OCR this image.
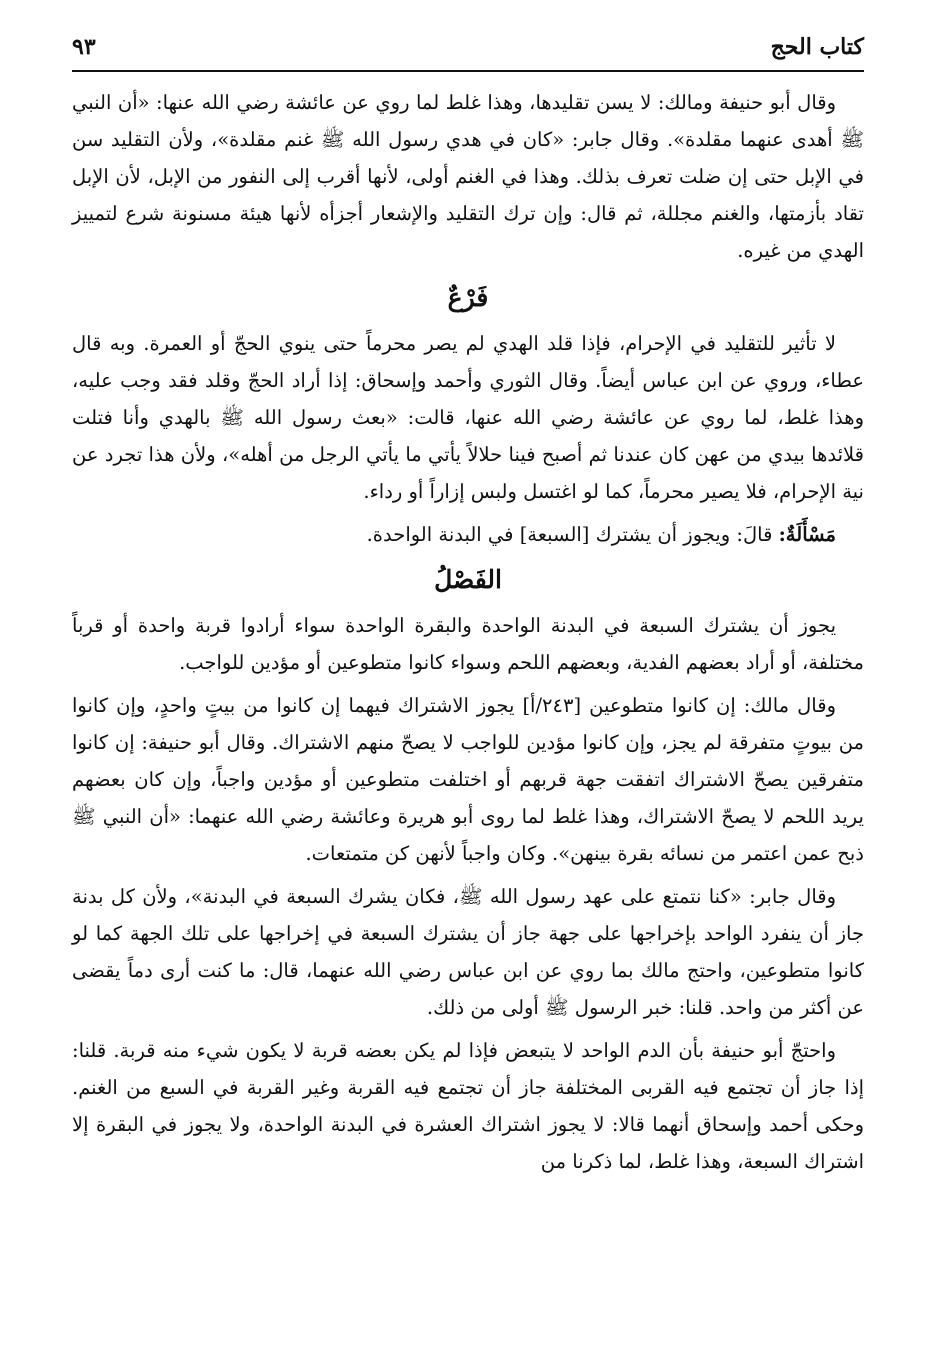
كتاب الحج
٩٣

وقال أبو حنيفة ومالك: لا يسن تقليدها، وهذا غلط لما روي عن عائشة رضي الله عنها: «أن النبي ﷺ أهدى عنهما مقلدة». وقال جابر: «كان في هدي رسول الله ﷺ غنم مقلدة»، ولأن التقليد سن في الإبل حتى إن ضلت تعرف بذلك. وهذا في الغنم أولى، لأنها أقرب إلى النفور من الإبل، لأن الإبل تقاد بأزمتها، والغنم مجللة، ثم قال: وإن ترك التقليد والإشعار أجزأه لأنها هيئة مسنونة شرع لتمييز الهدي من غيره.

فَرْعٌ

لا تأثير للتقليد في الإحرام، فإذا قلد الهدي لم يصر محرماً حتى ينوي الحجّ أو العمرة. وبه قال عطاء، وروي عن ابن عباس أيضاً. وقال الثوري وأحمد وإسحاق: إذا أراد الحجّ وقلد فقد وجب عليه، وهذا غلط، لما روي عن عائشة رضي الله عنها، قالت: «بعث رسول الله ﷺ بالهدي وأنا فتلت قلائدها بيدي من عهن كان عندنا ثم أصبح فينا حلالاً يأتي ما يأتي الرجل من أهله»، ولأن هذا تجرد عن نية الإحرام، فلا يصير محرماً، كما لو اغتسل ولبس إزاراً أو رداء.

مَسْأَلَةٌ: قالَ: ويجوز أن يشترك [السبعة] في البدنة الواحدة.

الفَصْلُ

يجوز أن يشترك السبعة في البدنة الواحدة والبقرة الواحدة سواء أرادوا قربة واحدة أو قرباً مختلفة، أو أراد بعضهم الفدية، وبعضهم اللحم وسواء كانوا متطوعين أو مؤدين للواجب.

وقال مالك: إن كانوا متطوعين [٢٤٣/أ] يجوز الاشتراك فيهما إن كانوا من بيتٍ واحدٍ، وإن كانوا من بيوتٍ متفرقة لم يجز، وإن كانوا مؤدين للواجب لا يصحّ منهم الاشتراك. وقال أبو حنيفة: إن كانوا متفرقين يصحّ الاشتراك اتفقت جهة قربهم أو اختلفت متطوعين أو مؤدين واجباً، وإن كان بعضهم يريد اللحم لا يصحّ الاشتراك، وهذا غلط لما روى أبو هريرة وعائشة رضي الله عنهما: «أن النبي ﷺ ذبح عمن اعتمر من نسائه بقرة بينهن». وكان واجباً لأنهن كن متمتعات.

وقال جابر: «كنا نتمتع على عهد رسول الله ﷺ، فكان يشرك السبعة في البدنة»، ولأن كل بدنة جاز أن ينفرد الواحد بإخراجها على جهة جاز أن يشترك السبعة في إخراجها على تلك الجهة كما لو كانوا متطوعين، واحتج مالك بما روي عن ابن عباس رضي الله عنهما، قال: ما كنت أرى دماً يقضى عن أكثر من واحد. قلنا: خبر الرسول ﷺ أولى من ذلك.

واحتجّ أبو حنيفة بأن الدم الواحد لا يتبعض فإذا لم يكن بعضه قربة لا يكون شيء منه قربة. قلنا: إذا جاز أن تجتمع فيه القربى المختلفة جاز أن تجتمع فيه القربة وغير القربة في السبع من الغنم. وحكى أحمد وإسحاق أنهما قالا: لا يجوز اشتراك العشرة في البدنة الواحدة، ولا يجوز في البقرة إلا اشتراك السبعة، وهذا غلط، لما ذكرنا من
